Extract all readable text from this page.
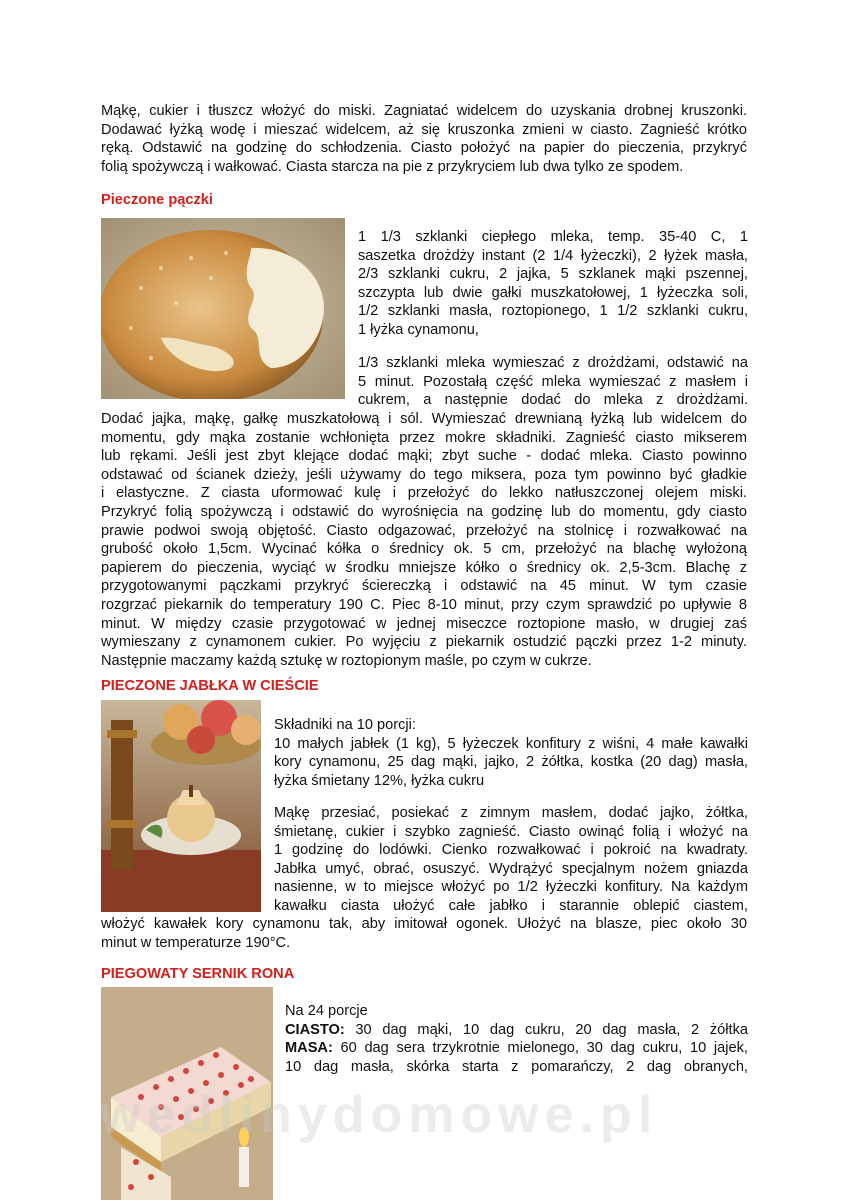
Mąkę, cukier i tłuszcz włożyć do miski. Zagniatać widelcem do uzyskania drobnej kruszonki.
Dodawać łyżką wodę i mieszać widelcem, aż się kruszonka zmieni w ciasto. Zagnieść krótko
ręką. Odstawić na godzinę do schłodzenia. Ciasto położyć na papier do pieczenia, przykryć
folią spożywczą i wałkować. Ciasta starcza na pie z przykryciem lub dwa tylko ze spodem.
Pieczone pączki
1 1/3 szklanki ciepłego mleka, temp. 35-40 C, 1
saszetka drożdży instant (2 1/4 łyżeczki), 2 łyżek masła,
2/3 szklanki cukru, 2 jajka, 5 szklanek mąki pszennej,
szczypta lub dwie gałki muszkatołowej, 1 łyżeczka soli,
1/2 szklanki masła, roztopionego, 1 1/2 szklanki cukru,
1 łyżka cynamonu,
1/3 szklanki mleka wymieszać z drożdżami, odstawić na
5 minut. Pozostałą część mleka wymieszać z masłem i
cukrem, a następnie dodać do mleka z drożdżami.
Dodać jajka, mąkę, gałkę muszkatołową i sól. Wymieszać drewnianą łyżką lub widelcem do
momentu, gdy mąka zostanie wchłonięta przez mokre składniki. Zagnieść ciasto mikserem
lub rękami. Jeśli jest zbyt klejące dodać mąki; zbyt suche - dodać mleka. Ciasto powinno
odstawać od ścianek dzieży, jeśli używamy do tego miksera, poza tym powinno być gładkie
i elastyczne. Z ciasta uformować kulę i przełożyć do lekko natłuszczonej olejem miski.
Przykryć folią spożywczą i odstawić do wyrośnięcia na godzinę lub do momentu, gdy ciasto
prawie podwoi swoją objętość. Ciasto odgazować, przełożyć na stolnicę i rozwałkować na
grubość około 1,5cm. Wycinać kółka o średnicy ok. 5 cm, przełożyć na blachę wyłożoną
papierem do pieczenia, wyciąć w środku mniejsze kółko o średnicy ok. 2,5-3cm. Blachę z
przygotowanymi pączkami przykryć ściereczką i odstawić na 45 minut. W tym czasie
rozgrzać piekarnik do temperatury 190 C. Piec 8-10 minut, przy czym sprawdzić po upływie 8
minut. W między czasie przygotować w jednej miseczce roztopione masło, w drugiej zaś
wymieszany z cynamonem cukier. Po wyjęciu z piekarnik ostudzić pączki przez 1-2 minuty.
Następnie maczamy każdą sztukę w roztopionym maśle, po czym w cukrze.
PIECZONE JABŁKA W CIEŚCIE
Składniki na 10 porcji:
10 małych jabłek (1 kg), 5 łyżeczek konfitury z wiśni, 4 małe kawałki
kory cynamonu, 25 dag mąki, jajko, 2 żółtka, kostka (20 dag) masła,
łyżka śmietany 12%, łyżka cukru
Mąkę przesiać, posiekać z zimnym masłem, dodać jajko, żółtka,
śmietanę, cukier i szybko zagnieść. Ciasto owinąć folią i włożyć na
1 godzinę do lodówki. Cienko rozwałkować i pokroić na kwadraty.
Jabłka umyć, obrać, osuszyć. Wydrążyć specjalnym nożem gniazda
nasienne, w to miejsce włożyć po 1/2 łyżeczki konfitury. Na każdym
kawałku ciasta ułożyć całe jabłko i starannie oblepić ciastem,
włożyć kawałek kory cynamonu tak, aby imitował ogonek. Ułożyć na blasze, piec około 30
minut w temperaturze 190°C.
PIEGOWATY SERNIK RONA
Na 24 porcje
CIASTO: 30 dag mąki, 10 dag cukru, 20 dag masła, 2 żółtka
MASA: 60 dag sera trzykrotnie mielonego, 30 dag cukru, 10 jajek,
10 dag masła, skórka starta z pomarańczy, 2 dag obranych,
wedlinydomowe.pl
